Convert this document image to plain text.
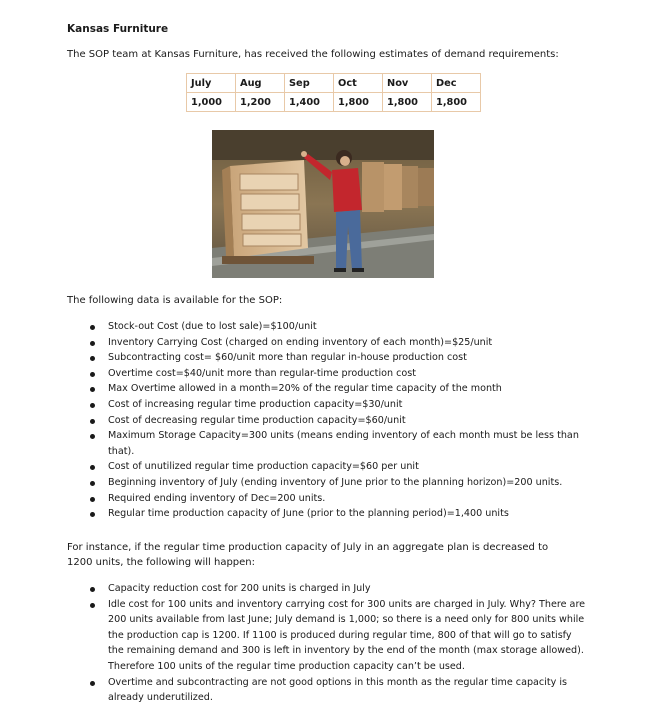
Kansas Furniture
The SOP team at Kansas Furniture, has received the following estimates of demand requirements:
July	Aug	Sep	Oct	Nov	Dec
1,000	1,200	1,400	1,800	1,800	1,800
The following data is available for the SOP:
Stock-out Cost (due to lost sale)=$100/unit
Inventory Carrying Cost (charged on ending inventory of each month)=$25/unit
Subcontracting cost= $60/unit more than regular in-house production cost
Overtime cost=$40/unit more than regular-time production cost
Max Overtime allowed in a month=20% of the regular time capacity of the month
Cost of increasing regular time production capacity=$30/unit
Cost of decreasing regular time production capacity=$60/unit
Maximum Storage Capacity=300 units (means ending inventory of each month must be less than that).
Cost of unutilized regular time production capacity=$60 per unit
Beginning inventory of July (ending inventory of June prior to the planning horizon)=200 units.
Required ending inventory of Dec=200 units.
Regular time production capacity of June (prior to the planning period)=1,400 units
For instance, if the regular time production capacity of July in an aggregate plan is decreased to 1200 units, the following will happen:
Capacity reduction cost for 200 units is charged in July
Idle cost for 100 units and inventory carrying cost for 300 units are charged in July. Why? There are 200 units available from last June; July demand is 1,000; so there is a need only for 800 units while the production cap is 1200. If 1100 is produced during regular time, 800 of that will go to satisfy the remaining demand and 300 is left in inventory by the end of the month (max storage allowed). Therefore 100 units of the regular time production capacity can’t be used.
Overtime and subcontracting are not good options in this month as the regular time capacity is already underutilized.
